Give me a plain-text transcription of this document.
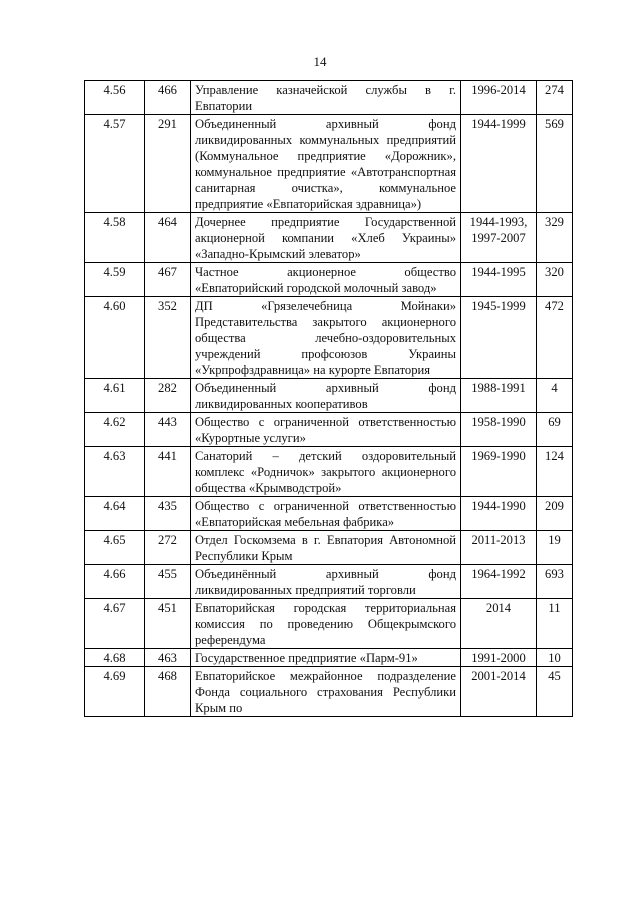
14
4.56	466	Управление казначейской службы в г. Евпатории	1996-2014	274
4.57	291	Объединенный архивный фонд ликвидированных коммунальных предприятий (Коммунальное предприятие «Дорожник», коммунальное предприятие «Автотранспортная санитарная очистка», коммунальное предприятие «Евпаторийская здравница»)	1944-1999	569
4.58	464	Дочернее предприятие Государственной акционерной компании «Хлеб Украины» «Западно-Крымский элеватор»	1944-1993, 1997-2007	329
4.59	467	Частное акционерное общество «Евпаторийский городской молочный завод»	1944-1995	320
4.60	352	ДП «Грязелечебница Мойнаки» Представительства закрытого акционерного общества лечебно-оздоровительных учреждений профсоюзов Украины «Укрпрофздравница» на курорте Евпатория	1945-1999	472
4.61	282	Объединенный архивный фонд ликвидированных кооперативов	1988-1991	4
4.62	443	Общество с ограниченной ответственностью «Курортные услуги»	1958-1990	69
4.63	441	Санаторий – детский оздоровительный комплекс «Родничок» закрытого акционерного общества «Крымводстрой»	1969-1990	124
4.64	435	Общество с ограниченной ответственностью «Евпаторийская мебельная фабрика»	1944-1990	209
4.65	272	Отдел Госкомзема в г. Евпатория Автономной Республики Крым	2011-2013	19
4.66	455	Объединённый архивный фонд ликвидированных предприятий торговли	1964-1992	693
4.67	451	Евпаторийская городская территориальная комиссия по проведению Общекрымского референдума	2014	11
4.68	463	Государственное предприятие «Парм-91»	1991-2000	10
4.69	468	Евпаторийское межрайонное подразделение Фонда социального страхования Республики Крым по	2001-2014	45
